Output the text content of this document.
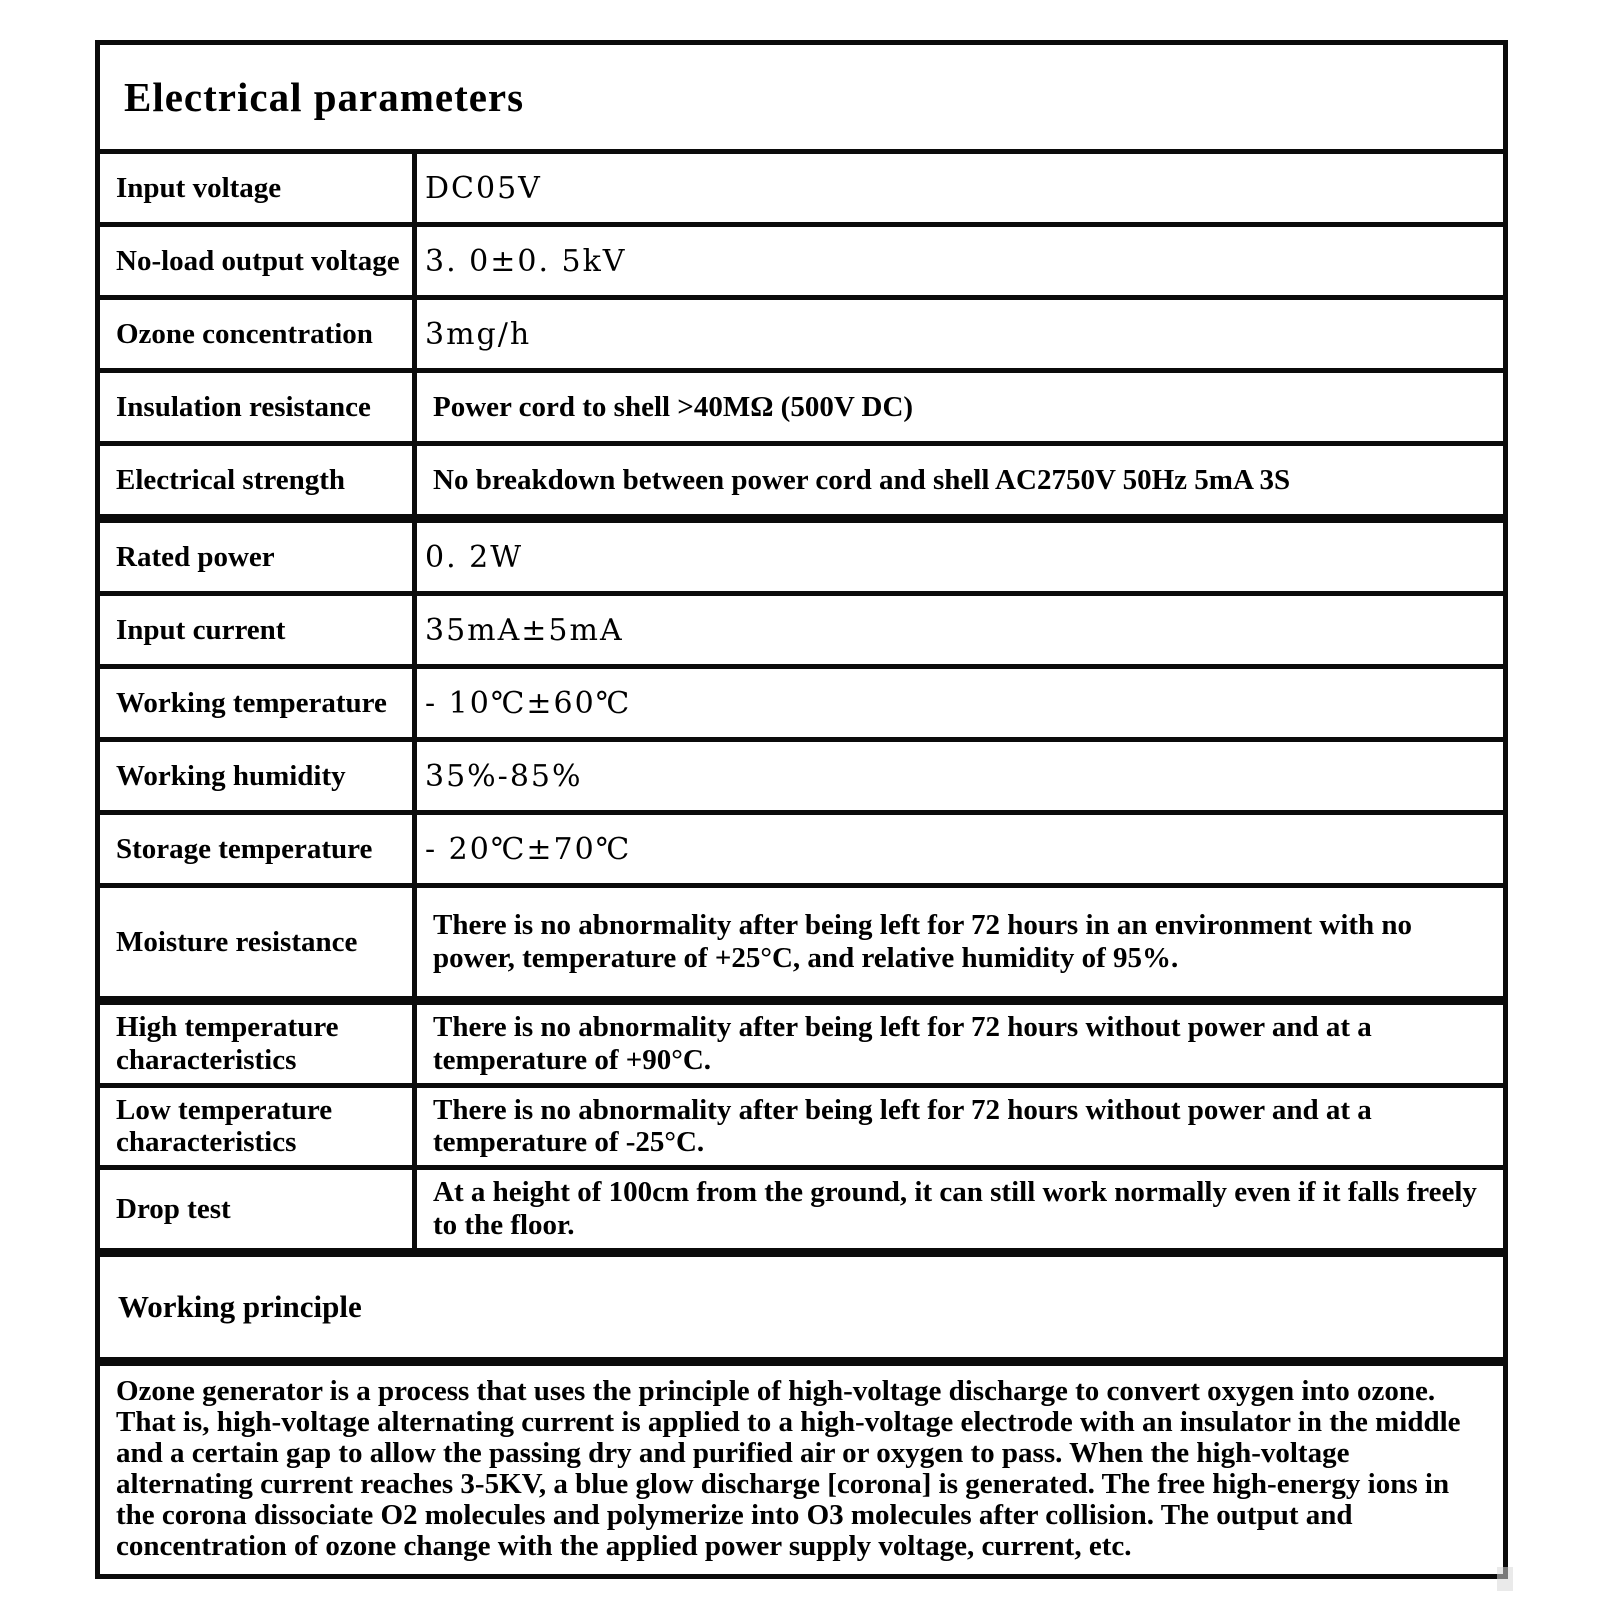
Electrical parameters	
Input voltage	DC05V
No-load output voltage	3. 0±0. 5kV
Ozone concentration	3mg/h
Insulation resistance	Power cord to shell >40MΩ (500V DC)
Electrical strength	No breakdown between power cord and shell AC2750V 50Hz 5mA 3S
Rated power	0. 2W
Input current	35mA±5mA
Working temperature	- 10℃±60℃
Working humidity	35%-85%
Storage temperature	- 20℃±70℃
Moisture resistance	There is no abnormality after being left for 72 hours in an environment with no power, temperature of +25°C, and relative humidity of 95%.
High temperature characteristics	There is no abnormality after being left for 72 hours without power and at a temperature of +90°C.
Low temperature characteristics	There is no abnormality after being left for 72 hours without power and at a temperature of -25°C.
Drop test	At a height of 100cm from the ground, it can still work normally even if it falls freely to the floor.
Working principle	
Ozone generator is a process that uses the principle of high-voltage discharge to convert oxygen into ozone. That is, high-voltage alternating current is applied to a high-voltage electrode with an insulator in the middle and a certain gap to allow the passing dry and purified air or oxygen to pass. When the high-voltage alternating current reaches 3-5KV, a blue glow discharge [corona] is generated. The free high-energy ions in the corona dissociate O2 molecules and polymerize into O3 molecules after collision. The output and concentration of ozone change with the applied power supply voltage, current, etc.	
